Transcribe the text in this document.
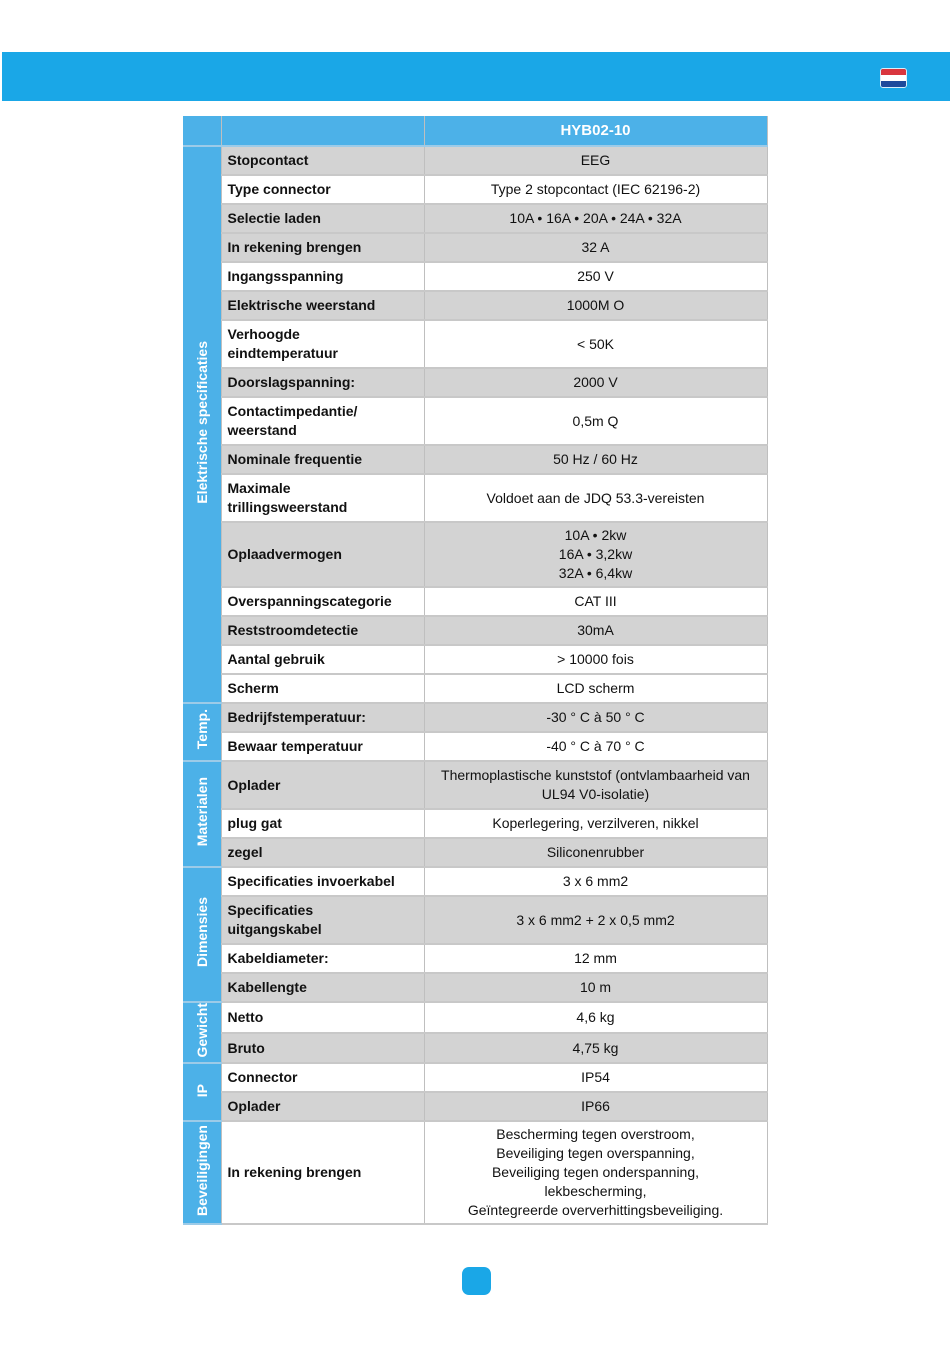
		HYB02-10
Elektrische specificaties	Stopcontact	EEG
	Type connector	Type 2 stopcontact (IEC 62196-2)
	Selectie laden	10A • 16A • 20A • 24A • 32A
	In rekening brengen	32 A
	Ingangsspanning	250 V
	Elektrische weerstand	1000M O
	Verhoogde
eindtemperatuur	< 50K
	Doorslagspanning:	2000 V
	Contactimpedantie/
weerstand	0,5m Q
	Nominale frequentie	50 Hz / 60 Hz
	Maximale
trillingsweerstand	Voldoet aan de JDQ 53.3-vereisten
	Oplaadvermogen	10A • 2kw
16A • 3,2kw
32A • 6,4kw
	Overspanningscategorie	CAT III
	Reststroomdetectie	30mA
	Aantal gebruik	> 10000 fois
	Scherm	LCD scherm
Temp.	Bedrijfstemperatuur:	-30 ° C à 50 ° C
	Bewaar temperatuur	-40 ° C à 70 ° C
Materialen	Oplader	Thermoplastische kunststof (ontvlambaarheid van
UL94 V0-isolatie)
	plug gat	Koperlegering, verzilveren, nikkel
	zegel	Siliconenrubber
Dimensies	Specificaties invoerkabel	3 x 6 mm2
	Specificaties
uitgangskabel	3 x 6 mm2 + 2 x 0,5 mm2
	Kabeldiameter:	12 mm
	Kabellengte	10 m
Gewicht	Netto	4,6 kg
	Bruto	4,75 kg
IP	Connector	IP54
	Oplader	IP66
Beveiligingen	In rekening brengen	Bescherming tegen overstroom,
Beveiliging tegen overspanning,
Beveiliging tegen onderspanning,
lekbescherming,
Geïntegreerde oververhittingsbeveiliging.
